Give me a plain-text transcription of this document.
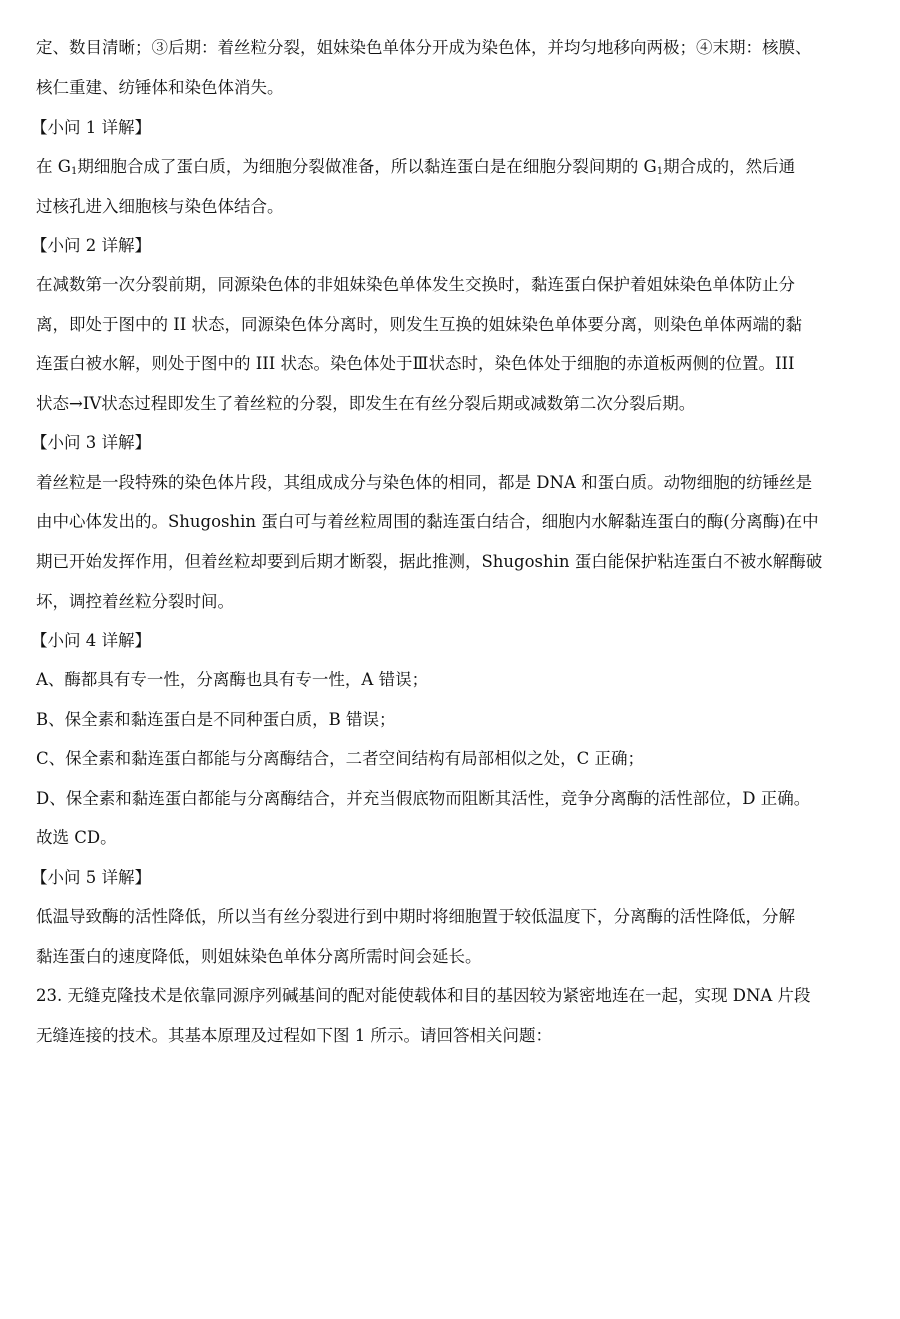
定、数目清晰；③后期：着丝粒分裂，姐妹染色单体分开成为染色体，并均匀地移向两极；④末期：核膜、
核仁重建、纺锤体和染色体消失。
【小问 1 详解】
在 $G_1$期细胞合成了蛋白质，为细胞分裂做准备，所以黏连蛋白是在细胞分裂间期的 $G_1$期合成的，然后通
过核孔进入细胞核与染色体结合。
【小问 2 详解】
在减数第一次分裂前期，同源染色体的非姐妹染色单体发生交换时，黏连蛋白保护着姐妹染色单体防止分
离，即处于图中的 II 状态，同源染色体分离时，则发生互换的姐妹染色单体要分离，则染色单体两端的黏
连蛋白被水解，则处于图中的 III 状态。染色体处于Ⅲ状态时，染色体处于细胞的赤道板两侧的位置。III
状态→IV状态过程即发生了着丝粒的分裂，即发生在有丝分裂后期或减数第二次分裂后期。
【小问 3 详解】
着丝粒是一段特殊的染色体片段，其组成成分与染色体的相同，都是 DNA 和蛋白质。动物细胞的纺锤丝是
由中心体发出的。Shugoshin 蛋白可与着丝粒周围的黏连蛋白结合，细胞内水解黏连蛋白的酶(分离酶)在中
期已开始发挥作用，但着丝粒却要到后期才断裂，据此推测，Shugoshin 蛋白能保护粘连蛋白不被水解酶破
坏，调控着丝粒分裂时间。
【小问 4 详解】
A、酶都具有专一性，分离酶也具有专一性，A 错误；
B、保全素和黏连蛋白是不同种蛋白质，B 错误；
C、保全素和黏连蛋白都能与分离酶结合，二者空间结构有局部相似之处，C 正确；
D、保全素和黏连蛋白都能与分离酶结合，并充当假底物而阻断其活性，竞争分离酶的活性部位，D 正确。
故选 CD。
【小问 5 详解】
低温导致酶的活性降低，所以当有丝分裂进行到中期时将细胞置于较低温度下，分离酶的活性降低，分解
黏连蛋白的速度降低，则姐妹染色单体分离所需时间会延长。
23. 无缝克隆技术是依靠同源序列碱基间的配对能使载体和目的基因较为紧密地连在一起，实现 DNA 片段
无缝连接的技术。其基本原理及过程如下图 1 所示。请回答相关问题：
